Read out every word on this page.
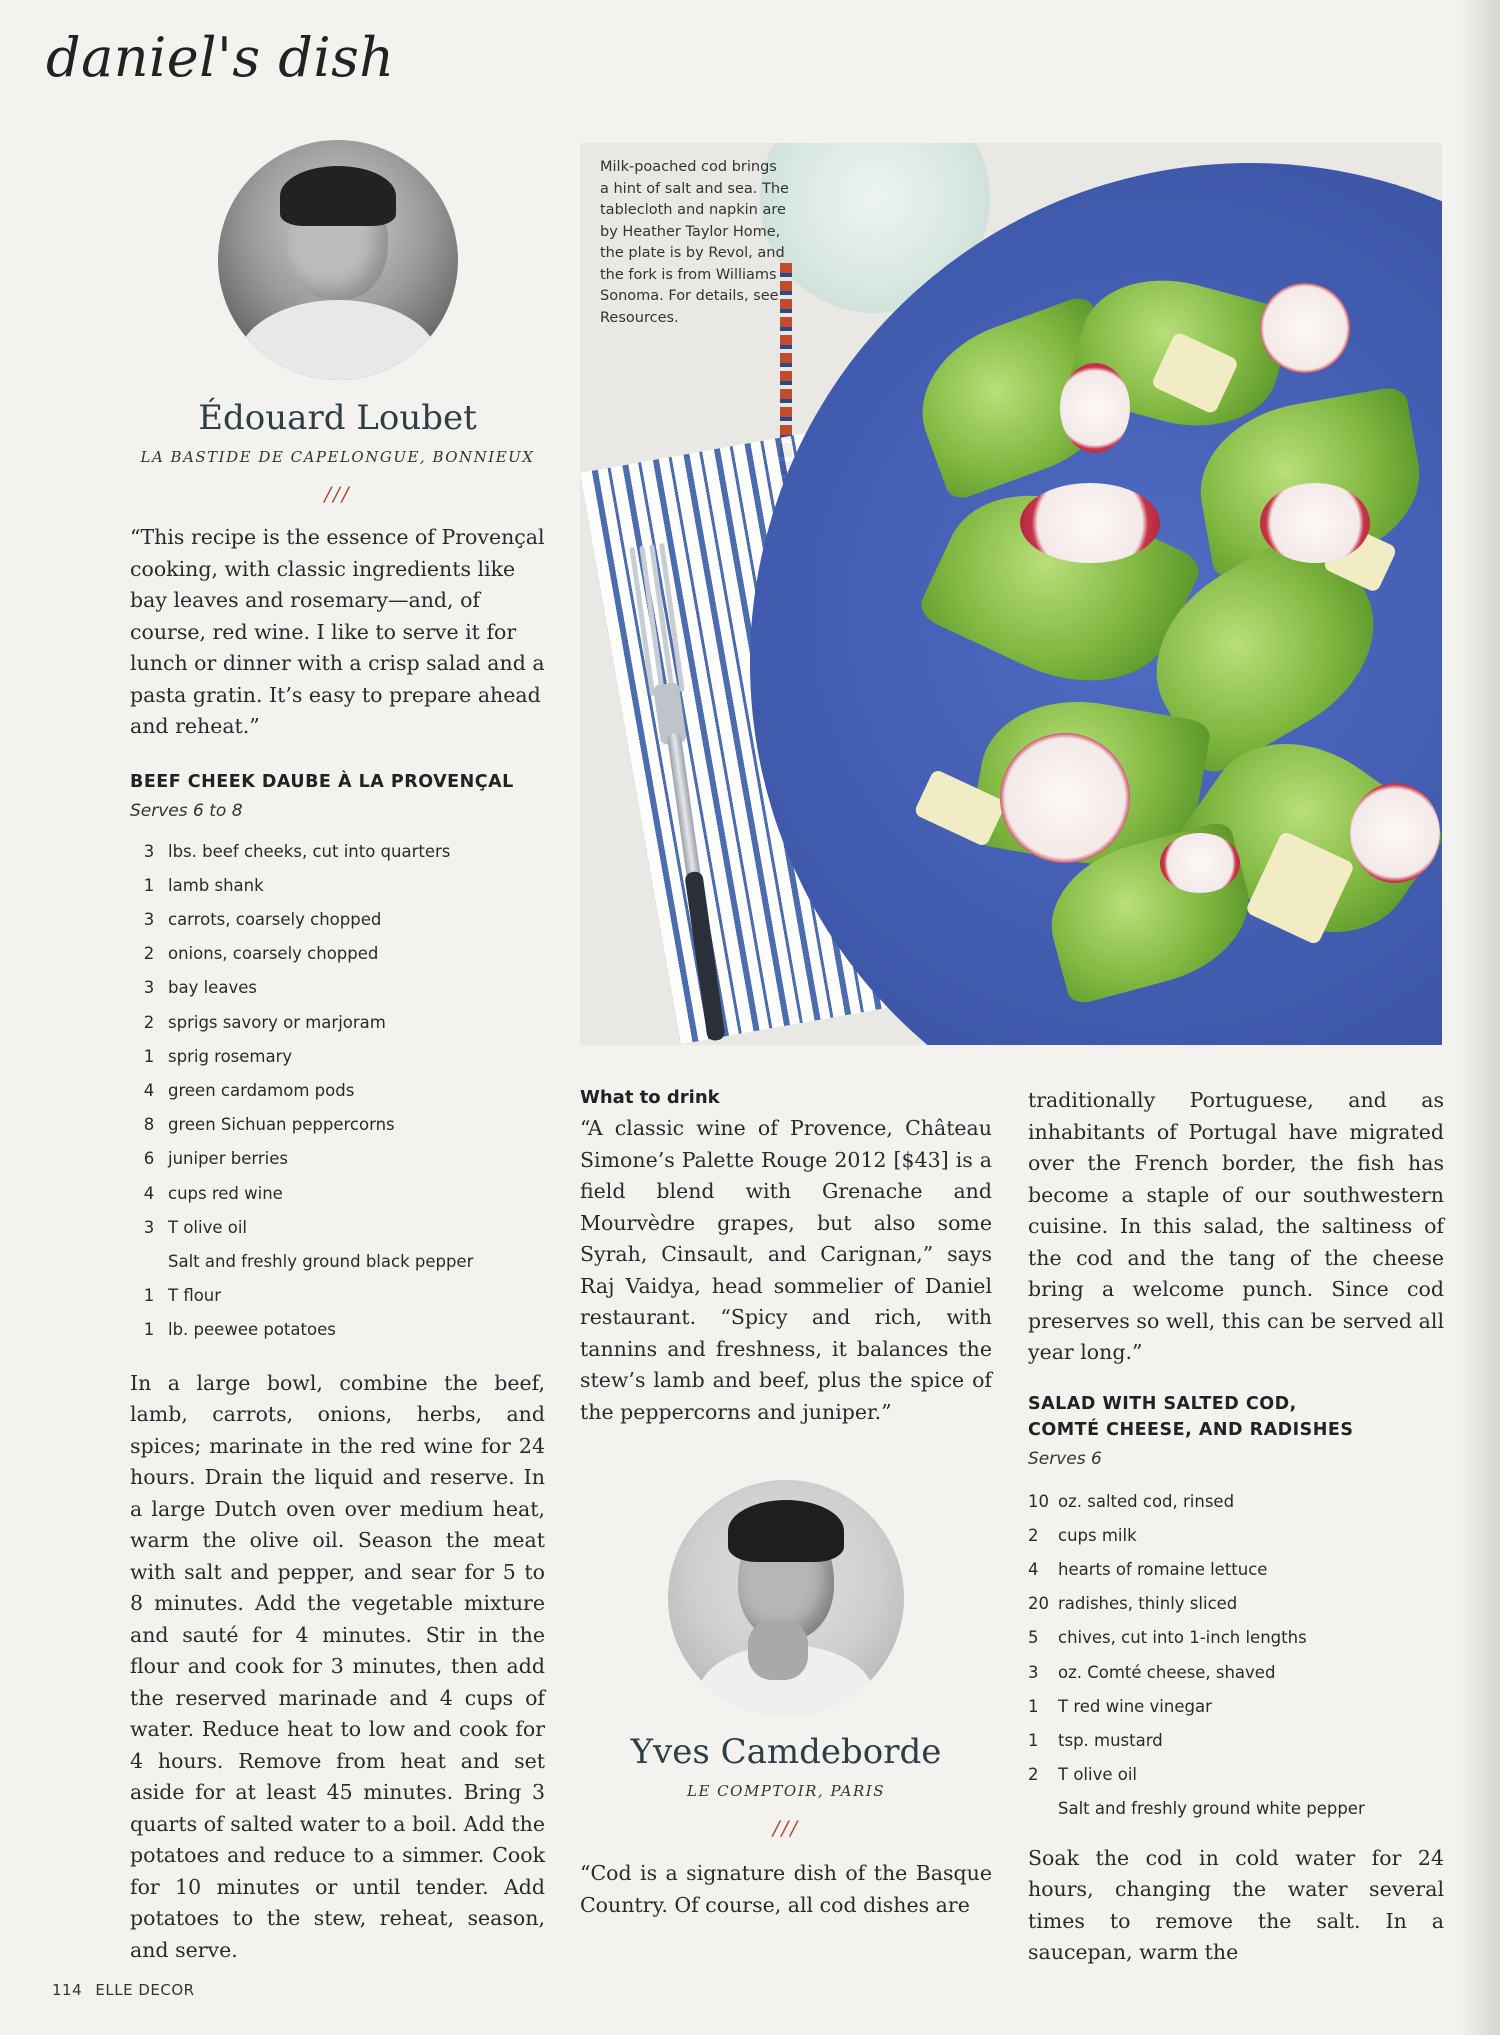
daniel's dish
Édouard Loubet
LA BASTIDE DE CAPELONGUE, BONNIEUX
///
“This recipe is the essence of Provençal cooking, with classic ingredients like bay leaves and rosemary—and, of course, red wine. I like to serve it for lunch or dinner with a crisp salad and a pasta gratin. It’s easy to prepare ahead and reheat.”
BEEF CHEEK DAUBE À LA PROVENÇAL
Serves 6 to 8
3 lbs. beef cheeks, cut into quarters
1 lamb shank
3 carrots, coarsely chopped
2 onions, coarsely chopped
3 bay leaves
2 sprigs savory or marjoram
1 sprig rosemary
4 green cardamom pods
8 green Sichuan peppercorns
6 juniper berries
4 cups red wine
3 T olive oil
Salt and freshly ground black pepper
1 T flour
1 lb. peewee potatoes
In a large bowl, combine the beef, lamb, carrots, onions, herbs, and spices; marinate in the red wine for 24 hours. Drain the liquid and reserve. In a large Dutch oven over medium heat, warm the olive oil. Season the meat with salt and pepper, and sear for 5 to 8 minutes. Add the vegetable mixture and sauté for 4 minutes. Stir in the flour and cook for 3 minutes, then add the reserved marinade and 4 cups of water. Reduce heat to low and cook for 4 hours. Remove from heat and set aside for at least 45 minutes. Bring 3 quarts of salted water to a boil. Add the potatoes and reduce to a simmer. Cook for 10 minutes or until tender. Add potatoes to the stew, reheat, season, and serve.
Milk-poached cod brings a hint of salt and sea. The tablecloth and napkin are by Heather Taylor Home, the plate is by Revol, and the fork is from Williams Sonoma. For details, see Resources.
What to drink
“A classic wine of Provence, Château Simone’s Palette Rouge 2012 [$43] is a field blend with Grenache and Mourvèdre grapes, but also some Syrah, Cinsault, and Carignan,” says Raj Vaidya, head sommelier of Daniel restaurant. “Spicy and rich, with tannins and freshness, it balances the stew’s lamb and beef, plus the spice of the peppercorns and juniper.”
Yves Camdeborde
LE COMPTOIR, PARIS
///
“Cod is a signature dish of the Basque Country. Of course, all cod dishes are
traditionally Portuguese, and as inhabitants of Portugal have migrated over the French border, the fish has become a staple of our southwestern cuisine. In this salad, the saltiness of the cod and the tang of the cheese bring a welcome punch. Since cod preserves so well, this can be served all year long.”
SALAD WITH SALTED COD,
COMTÉ CHEESE, AND RADISHES
Serves 6
10 oz. salted cod, rinsed
2	cups milk
4	hearts of romaine lettuce
20 radishes, thinly sliced
5	chives, cut into 1-inch lengths
3	oz. Comté cheese, shaved
1	T red wine vinegar
1	tsp. mustard
2	T olive oil
Salt and freshly ground white pepper
Soak the cod in cold water for 24 hours, changing the water several times to remove the salt. In a saucepan, warm the
114 ELLE DECOR
